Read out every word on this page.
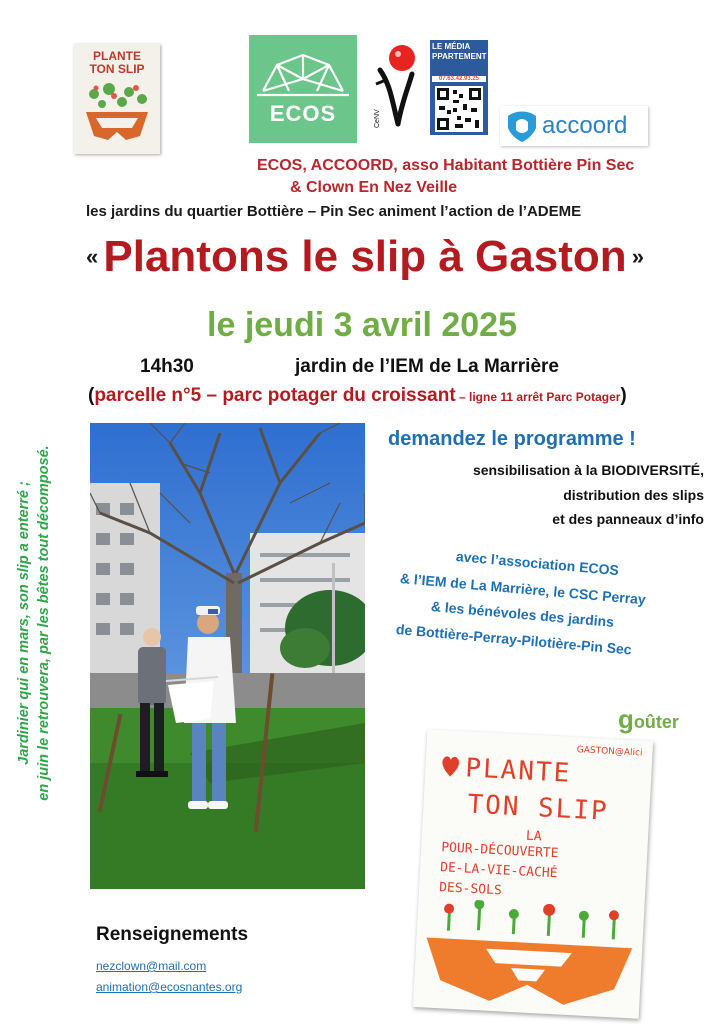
PLANTE
TON SLIP
ECOS	CeNV
LE MÉDIA
PPARTEMENT
07.63.42.93.25
accoord
ECOS, ACCOORD, asso Habitant Bottière Pin Sec
& Clown En Nez Veille
les jardins du quartier Bottière – Pin Sec animent l’action de l’ADEME
« Plantons le slip à Gaston »
le jeudi 3 avril 2025
14h30	jardin de l’IEM de La Marrière
(parcelle n°5 – parc potager du croissant – ligne 11 arrêt Parc Potager)
Jardinier qui en mars, son slip a enterré ; en juin le retrouvera, par les bêtes tout décomposé.
demandez le programme !
sensibilisation à la BIODIVERSITÉ,
distribution des slips
et des panneaux d’info
avec l’association ECOS
& l’IEM de La Marrière, le CSC Perray
& les bénévoles des jardins
de Bottière-Perray-Pilotière-Pin Sec
goûter
GASTON@Alici
PLANTE
TON SLIP
LA
POUR-DÉCOUVERTE
DE-LA-VIE-CACHÉ
DES-SOLS
Renseignements
nezclown@mail.com
animation@ecosnantes.org
